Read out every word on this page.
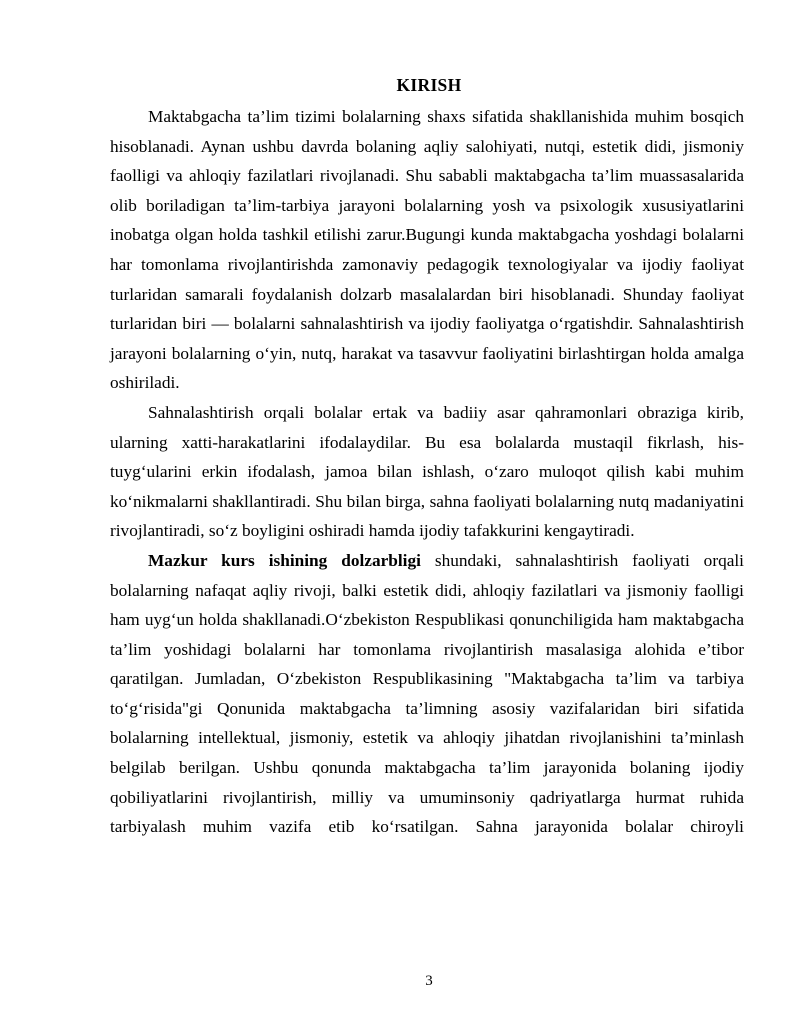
KIRISH

Maktabgacha ta’lim tizimi bolalarning shaxs sifatida shakllanishida muhim bosqich hisoblanadi. Aynan ushbu davrda bolaning aqliy salohiyati, nutqi, estetik didi, jismoniy faolligi va ahloqiy fazilatlari rivojlanadi. Shu sababli maktabgacha ta’lim muassasalarida olib boriladigan ta’lim-tarbiya jarayoni bolalarning yosh va psixologik xususiyatlarini inobatga olgan holda tashkil etilishi zarur.Bugungi kunda maktabgacha yoshdagi bolalarni har tomonlama rivojlantirishda zamonaviy pedagogik texnologiyalar va ijodiy faoliyat turlaridan samarali foydalanish dolzarb masalalardan biri hisoblanadi. Shunday faoliyat turlaridan biri — bolalarni sahnalashtirish va ijodiy faoliyatga o‘rgatishdir. Sahnalashtirish jarayoni bolalarning o‘yin, nutq, harakat va tasavvur faoliyatini birlashtirgan holda amalga oshiriladi.

Sahnalashtirish orqali bolalar ertak va badiiy asar qahramonlari obraziga kirib, ularning xatti-harakatlarini ifodalaydilar. Bu esa bolalarda mustaqil fikrlash, his-tuyg‘ularini erkin ifodalash, jamoa bilan ishlash, o‘zaro muloqot qilish kabi muhim ko‘nikmalarni shakllantiradi. Shu bilan birga, sahna faoliyati bolalarning nutq madaniyatini rivojlantiradi, so‘z boyligini oshiradi hamda ijodiy tafakkurini kengaytiradi.

Mazkur kurs ishining dolzarbligi shundaki, sahnalashtirish faoliyati orqali bolalarning nafaqat aqliy rivoji, balki estetik didi, ahloqiy fazilatlari va jismoniy faolligi ham uyg‘un holda shakllanadi.O‘zbekiston Respublikasi qonunchiligida ham maktabgacha ta’lim yoshidagi bolalarni har tomonlama rivojlantirish masalasiga alohida e’tibor qaratilgan. Jumladan, O‘zbekiston Respublikasining "Maktabgacha ta’lim va tarbiya to‘g‘risida"gi Qonunida maktabgacha ta’limning asosiy vazifalaridan biri sifatida bolalarning intellektual, jismoniy, estetik va ahloqiy jihatdan rivojlanishini ta’minlash belgilab berilgan. Ushbu qonunda maktabgacha ta’lim jarayonida bolaning ijodiy qobiliyatlarini rivojlantirish, milliy va umuminsoniy qadriyatlarga hurmat ruhida tarbiyalash muhim vazifa etib ko‘rsatilgan. Sahna jarayonida bolalar chiroyli

3
